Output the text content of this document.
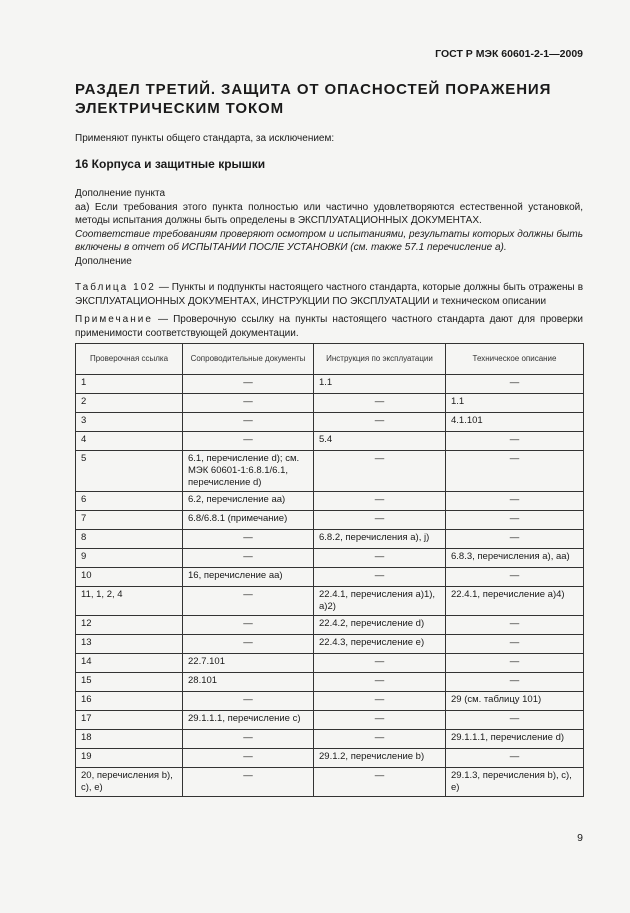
ГОСТ Р МЭК 60601-2-1—2009
РАЗДЕЛ ТРЕТИЙ. ЗАЩИТА ОТ ОПАСНОСТЕЙ ПОРАЖЕНИЯ ЭЛЕКТРИЧЕСКИМ ТОКОМ
Применяют пункты общего стандарта, за исключением:
16 Корпуса и защитные крышки
Дополнение пункта
аа) Если требования этого пункта полностью или частично удовлетворяются естественной установкой, методы испытания должны быть определены в ЭКСПЛУАТАЦИОННЫХ ДОКУМЕНТАХ.
Соответствие требованиям проверяют осмотром и испытаниями, результаты которых должны быть включены в отчет об ИСПЫТАНИИ ПОСЛЕ УСТАНОВКИ (см. также 57.1 перечисление а).
Дополнение
Таблица 102 — Пункты и подпункты настоящего частного стандарта, которые должны быть отражены в ЭКСПЛУАТАЦИОННЫХ ДОКУМЕНТАХ, ИНСТРУКЦИИ ПО ЭКСПЛУАТАЦИИ и техническом описании
Примечание — Проверочную ссылку на пункты настоящего частного стандарта дают для проверки применимости соответствующей документации.
Проверочная ссылка	Сопроводительные документы	Инструкция по эксплуатации	Техническое описание
1	—	1.1	—
2	—	—	1.1
3	—	—	4.1.101
4	—	5.4	—
5	6.1, перечисление d); см. МЭК 60601-1:6.8.1/6.1, перечисление d)	—	—
6	6.2, перечисление аа)	—	—
7	6.8/6.8.1 (примечание)	—	—
8	—	6.8.2, перечисления а), j)	—
9	—	—	6.8.3, перечисления а), аа)
10	16, перечисление аа)	—	—
11, 1, 2, 4	—	22.4.1, перечисления а)1), а)2)	22.4.1, перечисление а)4)
12	—	22.4.2, перечисление d)	—
13	—	22.4.3, перечисление е)	—
14	22.7.101	—	—
15	28.101	—	—
16	—	—	29 (см. таблицу 101)
17	29.1.1.1, перечисление с)	—	—
18	—	—	29.1.1.1, перечисление d)
19	—	29.1.2, перечисление b)	—
20, перечисления b), c), e)	—	—	29.1.3, перечисления b), c), e)
9
